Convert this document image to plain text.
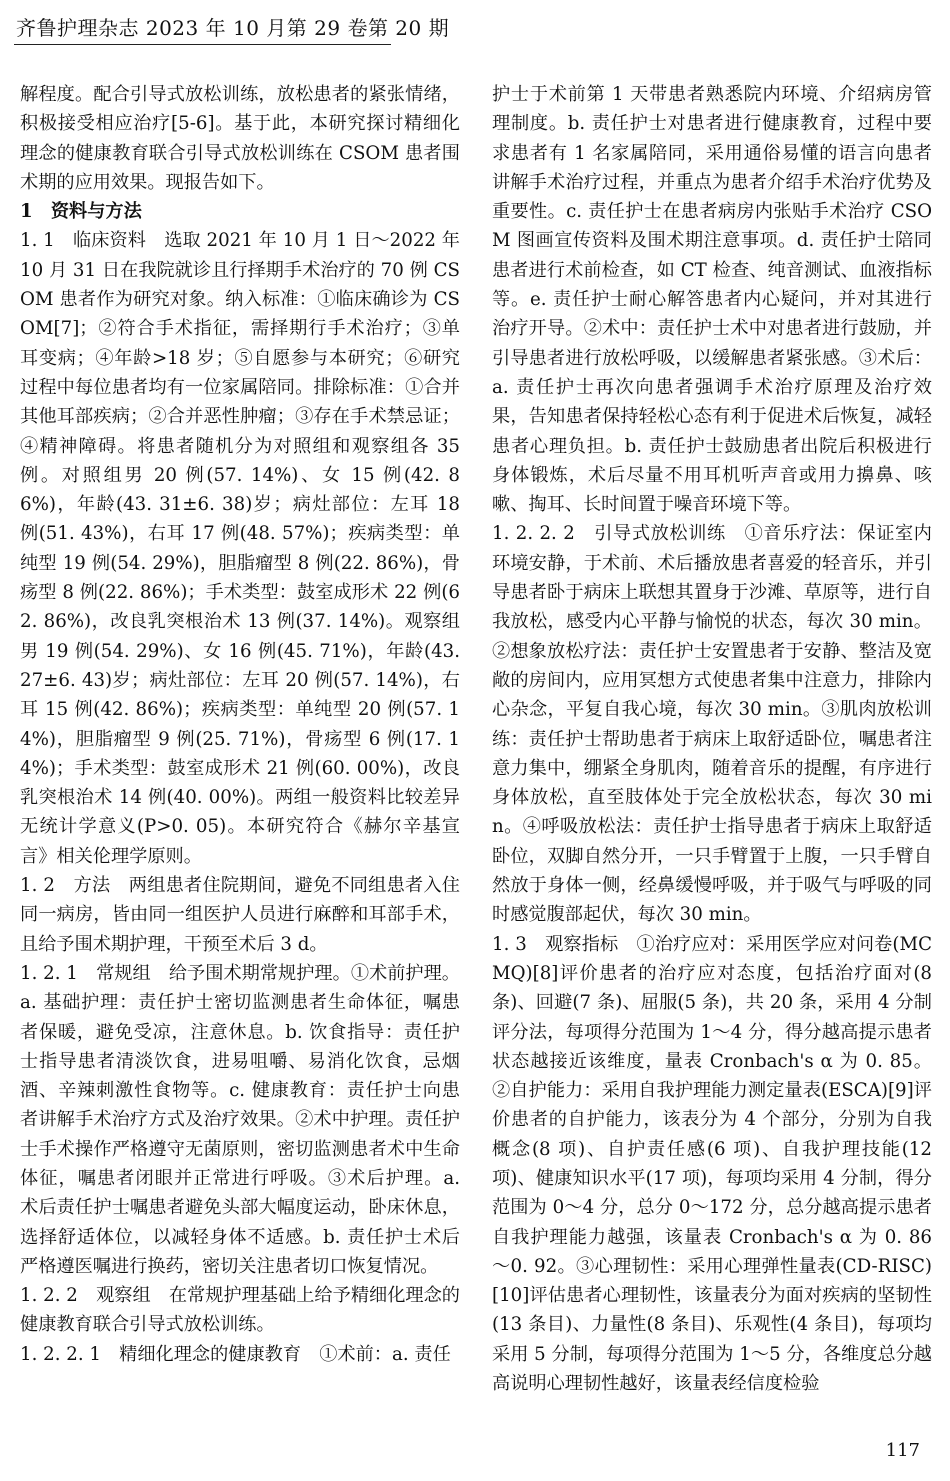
齐鲁护理杂志 2023 年 10 月第 29 卷第 20 期

解程度。配合引导式放松训练，放松患者的紧张情绪，积极接受相应治疗[5-6]。基于此，本研究探讨精细化理念的健康教育联合引导式放松训练在 CSOM 患者围术期的应用效果。现报告如下。

1　资料与方法

1. 1　临床资料　选取 2021 年 10 月 1 日～2022 年 10 月 31 日在我院就诊且行择期手术治疗的 70 例 CSOM 患者作为研究对象。纳入标准：①临床确诊为 CSOM[7]；②符合手术指征，需择期行手术治疗；③单耳变病；④年龄>18 岁；⑤自愿参与本研究；⑥研究过程中每位患者均有一位家属陪同。排除标准：①合并其他耳部疾病；②合并恶性肿瘤；③存在手术禁忌证；④精神障碍。将患者随机分为对照组和观察组各 35 例。对照组男 20 例(57. 14%)、女 15 例(42. 86%)，年龄(43. 31±6. 38)岁；病灶部位：左耳 18 例(51. 43%)，右耳 17 例(48. 57%)；疾病类型：单纯型 19 例(54. 29%)，胆脂瘤型 8 例(22. 86%)，骨疡型 8 例(22. 86%)；手术类型：鼓室成形术 22 例(62. 86%)，改良乳突根治术 13 例(37. 14%)。观察组男 19 例(54. 29%)、女 16 例(45. 71%)，年龄(43. 27±6. 43)岁；病灶部位：左耳 20 例(57. 14%)，右耳 15 例(42. 86%)；疾病类型：单纯型 20 例(57. 14%)，胆脂瘤型 9 例(25. 71%)，骨疡型 6 例(17. 14%)；手术类型：鼓室成形术 21 例(60. 00%)，改良乳突根治术 14 例(40. 00%)。两组一般资料比较差异无统计学意义(P>0. 05)。本研究符合《赫尔辛基宣言》相关伦理学原则。

1. 2　方法　两组患者住院期间，避免不同组患者入住同一病房，皆由同一组医护人员进行麻醉和耳部手术，且给予围术期护理，干预至术后 3 d。

1. 2. 1　常规组　给予围术期常规护理。①术前护理。a. 基础护理：责任护士密切监测患者生命体征，嘱患者保暖，避免受凉，注意休息。b. 饮食指导：责任护士指导患者清淡饮食，进易咀嚼、易消化饮食，忌烟酒、辛辣刺激性食物等。c. 健康教育：责任护士向患者讲解手术治疗方式及治疗效果。②术中护理。责任护士手术操作严格遵守无菌原则，密切监测患者术中生命体征，嘱患者闭眼并正常进行呼吸。③术后护理。a. 术后责任护士嘱患者避免头部大幅度运动，卧床休息，选择舒适体位，以减轻身体不适感。b. 责任护士术后严格遵医嘱进行换药，密切关注患者切口恢复情况。

1. 2. 2　观察组　在常规护理基础上给予精细化理念的健康教育联合引导式放松训练。

1. 2. 2. 1　精细化理念的健康教育　①术前：a. 责任

护士于术前第 1 天带患者熟悉院内环境、介绍病房管理制度。b. 责任护士对患者进行健康教育，过程中要求患者有 1 名家属陪同，采用通俗易懂的语言向患者讲解手术治疗过程，并重点为患者介绍手术治疗优势及重要性。c. 责任护士在患者病房内张贴手术治疗 CSOM 图画宣传资料及围术期注意事项。d. 责任护士陪同患者进行术前检查，如 CT 检查、纯音测试、血液指标等。e. 责任护士耐心解答患者内心疑问，并对其进行治疗开导。②术中：责任护士术中对患者进行鼓励，并引导患者进行放松呼吸，以缓解患者紧张感。③术后：a. 责任护士再次向患者强调手术治疗原理及治疗效果，告知患者保持轻松心态有利于促进术后恢复，减轻患者心理负担。b. 责任护士鼓励患者出院后积极进行身体锻炼，术后尽量不用耳机听声音或用力擤鼻、咳嗽、掏耳、长时间置于噪音环境下等。

1. 2. 2. 2　引导式放松训练　①音乐疗法：保证室内环境安静，于术前、术后播放患者喜爱的轻音乐，并引导患者卧于病床上联想其置身于沙滩、草原等，进行自我放松，感受内心平静与愉悦的状态，每次 30 min。②想象放松疗法：责任护士安置患者于安静、整洁及宽敞的房间内，应用冥想方式使患者集中注意力，排除内心杂念，平复自我心境，每次 30 min。③肌肉放松训练：责任护士帮助患者于病床上取舒适卧位，嘱患者注意力集中，绷紧全身肌肉，随着音乐的提醒，有序进行身体放松，直至肢体处于完全放松状态，每次 30 min。④呼吸放松法：责任护士指导患者于病床上取舒适卧位，双脚自然分开，一只手臂置于上腹，一只手臂自然放于身体一侧，经鼻缓慢呼吸，并于吸气与呼吸的同时感觉腹部起伏，每次 30 min。

1. 3　观察指标　①治疗应对：采用医学应对问卷(MCMQ)[8]评价患者的治疗应对态度，包括治疗面对(8 条)、回避(7 条)、屈服(5 条)，共 20 条，采用 4 分制评分法，每项得分范围为 1～4 分，得分越高提示患者状态越接近该维度，量表 Cronbach's α 为 0. 85。②自护能力：采用自我护理能力测定量表(ESCA)[9]评价患者的自护能力，该表分为 4 个部分，分别为自我概念(8 项)、自护责任感(6 项)、自我护理技能(12 项)、健康知识水平(17 项)，每项均采用 4 分制，得分范围为 0～4 分，总分 0～172 分，总分越高提示患者自我护理能力越强，该量表 Cronbach's α 为 0. 86～0. 92。③心理韧性：采用心理弹性量表(CD-RISC)[10]评估患者心理韧性，该量表分为面对疾病的坚韧性(13 条目)、力量性(8 条目)、乐观性(4 条目)，每项均采用 5 分制，每项得分范围为 1～5 分，各维度总分越高说明心理韧性越好，该量表经信度检验

117
